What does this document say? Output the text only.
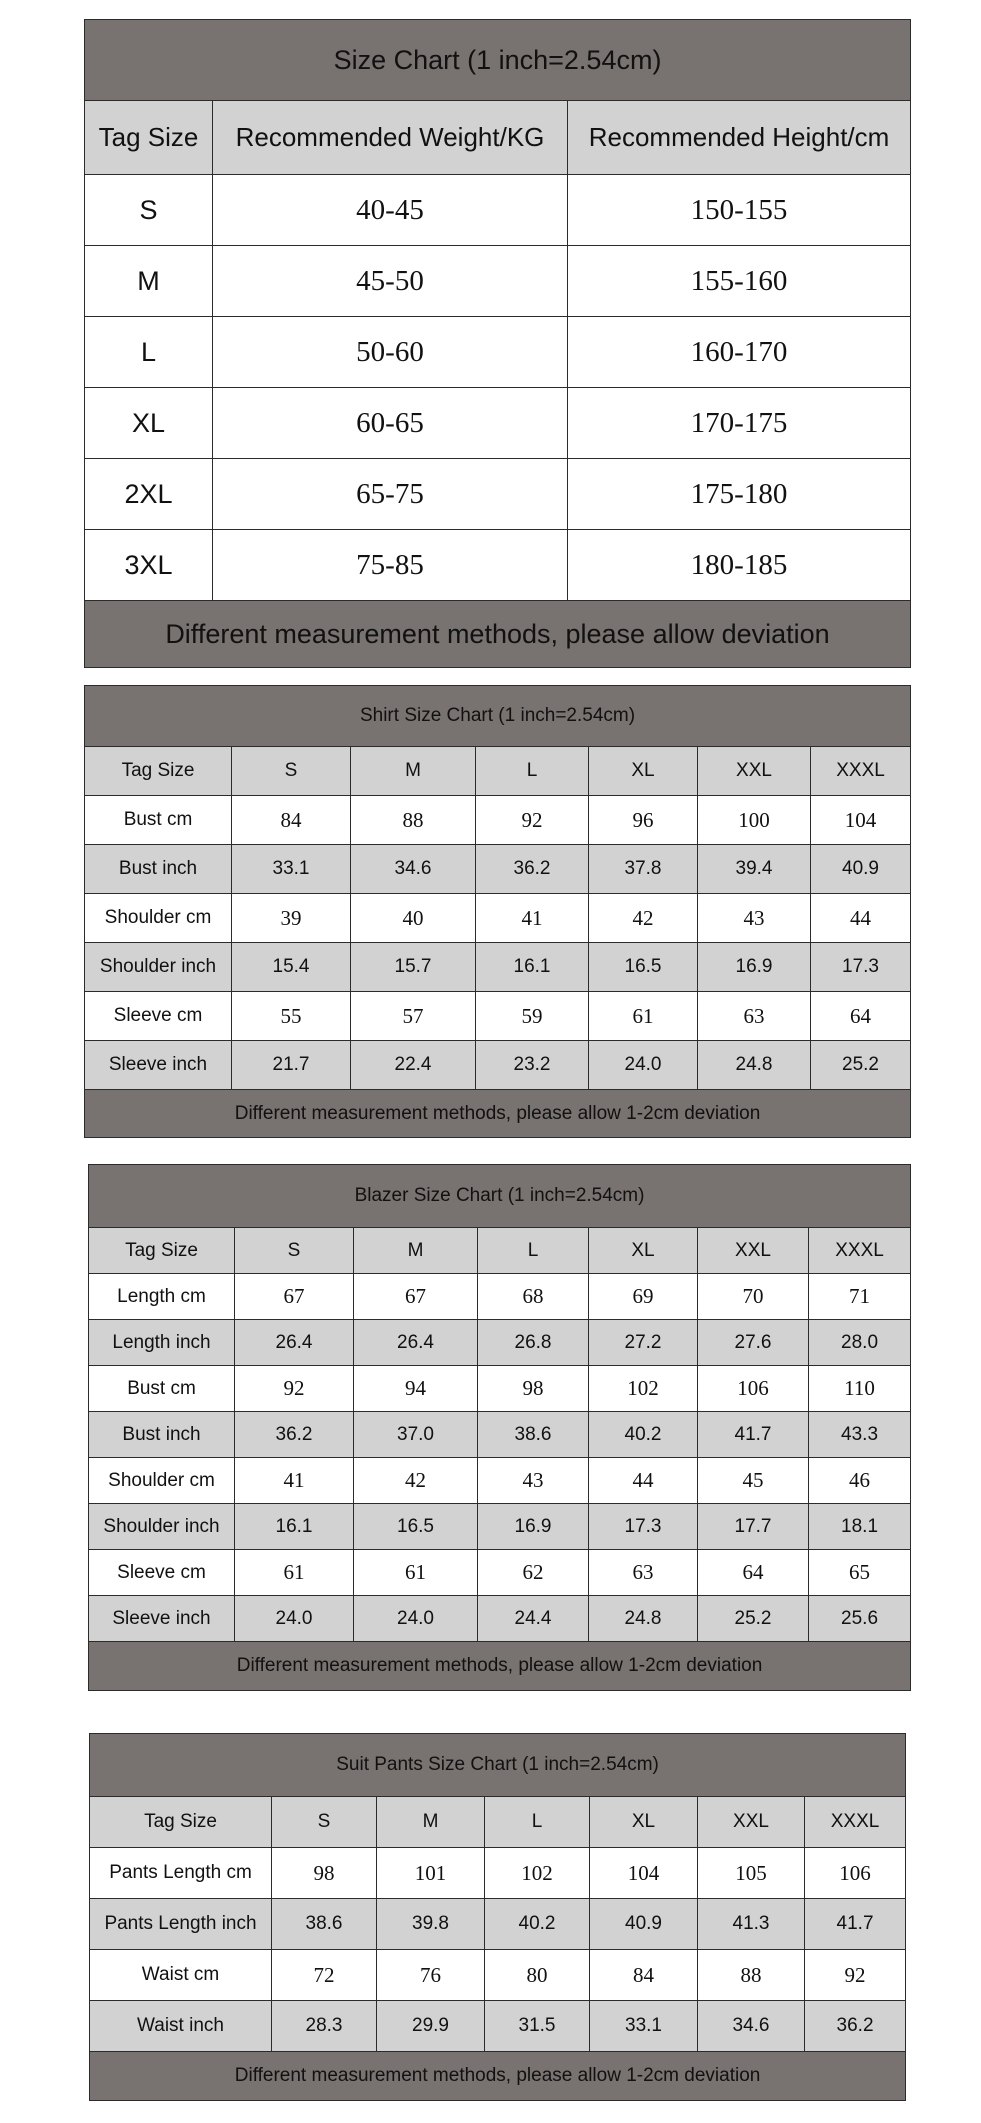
Size Chart (1 inch=2.54cm)		
Tag Size	Recommended Weight/KG	Recommended Height/cm
S	40-45	150-155
M	45-50	155-160
L	50-60	160-170
XL	60-65	170-175
2XL	65-75	175-180
3XL	75-85	180-185
Different measurement methods, please allow deviation		
Shirt Size Chart (1 inch=2.54cm)						
Tag Size	S	M	L	XL	XXL	XXXL
Bust cm	84	88	92	96	100	104
Bust inch	33.1	34.6	36.2	37.8	39.4	40.9
Shoulder cm	39	40	41	42	43	44
Shoulder inch	15.4	15.7	16.1	16.5	16.9	17.3
Sleeve cm	55	57	59	61	63	64
Sleeve inch	21.7	22.4	23.2	24.0	24.8	25.2
Different measurement methods, please allow 1-2cm deviation						
Blazer Size Chart (1 inch=2.54cm)						
Tag Size	S	M	L	XL	XXL	XXXL
Length cm	67	67	68	69	70	71
Length inch	26.4	26.4	26.8	27.2	27.6	28.0
Bust cm	92	94	98	102	106	110
Bust inch	36.2	37.0	38.6	40.2	41.7	43.3
Shoulder cm	41	42	43	44	45	46
Shoulder inch	16.1	16.5	16.9	17.3	17.7	18.1
Sleeve cm	61	61	62	63	64	65
Sleeve inch	24.0	24.0	24.4	24.8	25.2	25.6
Different measurement methods, please allow 1-2cm deviation						
Suit Pants Size Chart (1 inch=2.54cm)						
Tag Size	S	M	L	XL	XXL	XXXL
Pants Length cm	98	101	102	104	105	106
Pants Length inch	38.6	39.8	40.2	40.9	41.3	41.7
Waist cm	72	76	80	84	88	92
Waist inch	28.3	29.9	31.5	33.1	34.6	36.2
Different measurement methods, please allow 1-2cm deviation						
